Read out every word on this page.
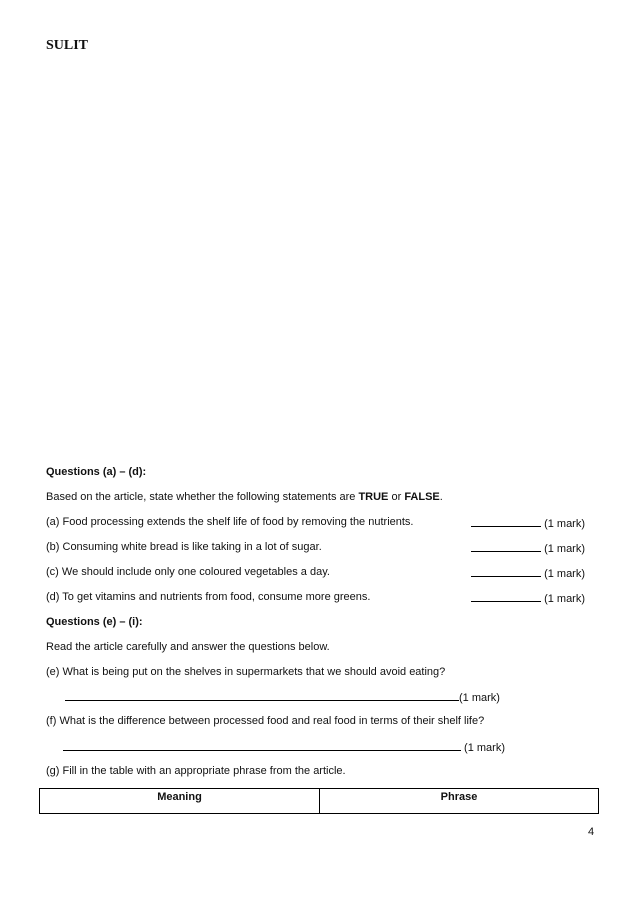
SULIT
Questions (a) – (d):
Based on the article, state whether the following statements are TRUE or FALSE.
(a) Food processing extends the shelf life of food by removing the nutrients.	(1 mark)
(b) Consuming white bread is like taking in a lot of sugar.	(1 mark)
(c) We should include only one coloured vegetables a day.	(1 mark)
(d) To get vitamins and nutrients from food, consume more greens.	(1 mark)
Questions (e) – (i):
Read the article carefully and answer the questions below.
(e) What is being put on the shelves in supermarkets that we should avoid eating?
(1 mark)
(f) What is the difference between processed food and real food in terms of their shelf life?
(1 mark)
(g) Fill in the table with an appropriate phrase from the article.
Meaning	Phrase
4
